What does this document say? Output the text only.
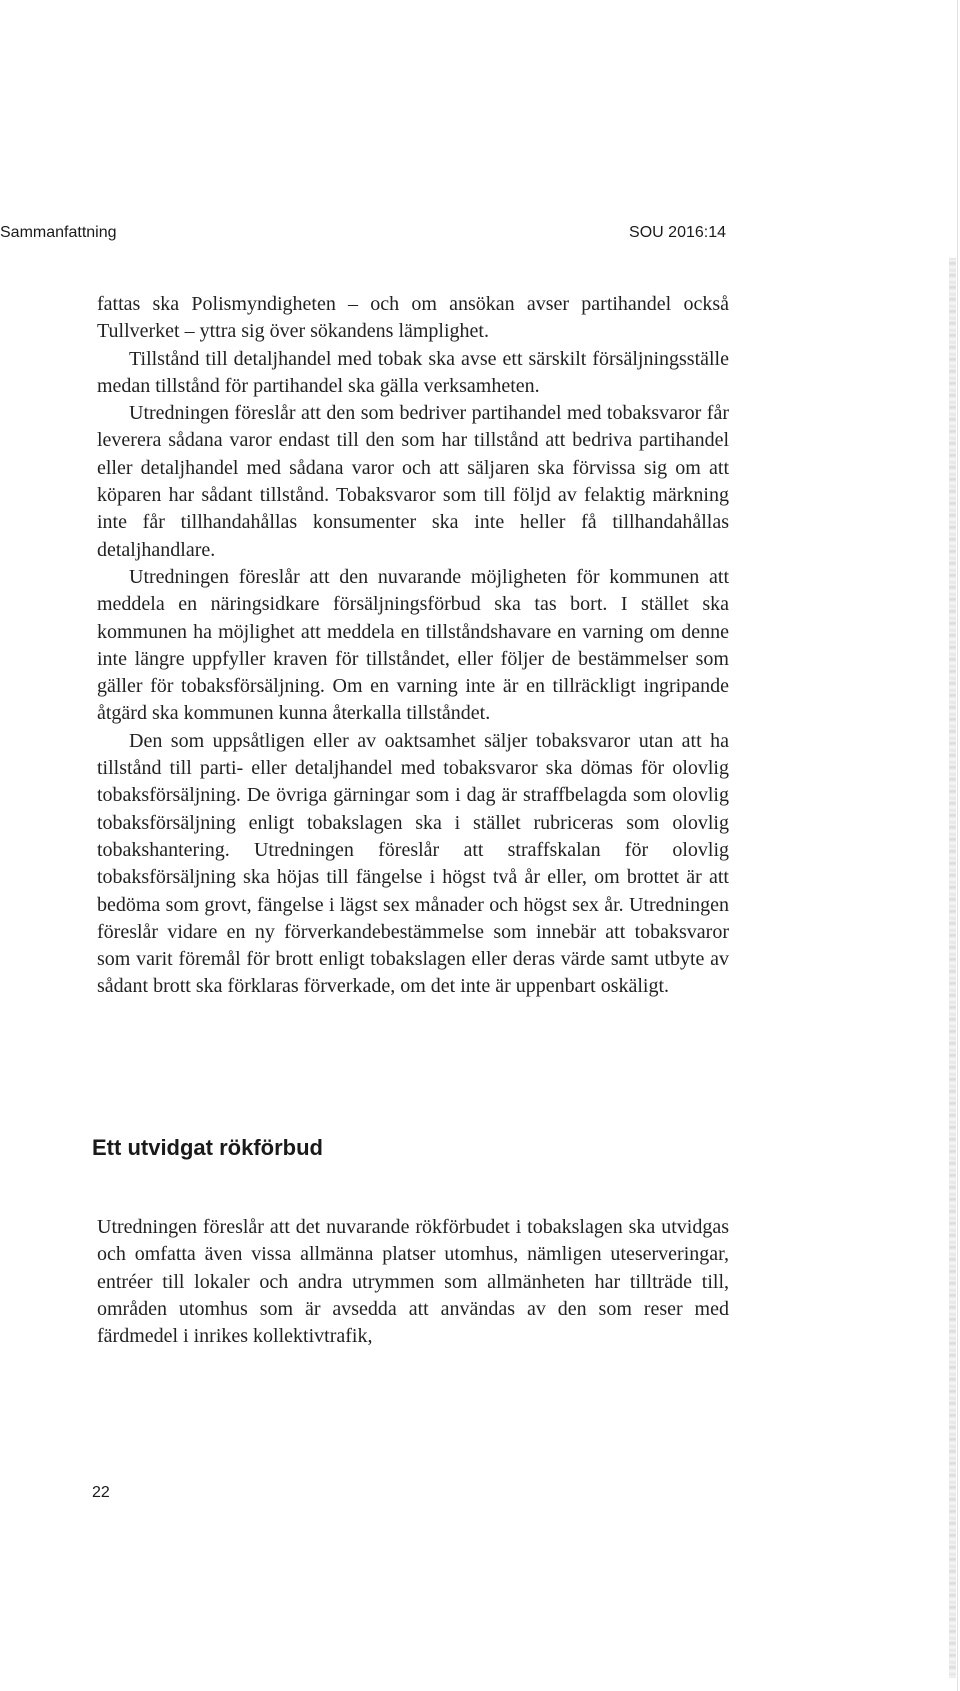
Sammanfattning	SOU 2016:14

fattas ska Polismyndigheten – och om ansökan avser partihandel också Tullverket – yttra sig över sökandens lämplighet.

Tillstånd till detaljhandel med tobak ska avse ett särskilt försäljningsställe medan tillstånd för partihandel ska gälla verksamheten.

Utredningen föreslår att den som bedriver partihandel med tobaksvaror får leverera sådana varor endast till den som har tillstånd att bedriva partihandel eller detaljhandel med sådana varor och att säljaren ska förvissa sig om att köparen har sådant tillstånd. Tobaksvaror som till följd av felaktig märkning inte får tillhandahållas konsumenter ska inte heller få tillhandahållas detaljhandlare.

Utredningen föreslår att den nuvarande möjligheten för kommunen att meddela en näringsidkare försäljningsförbud ska tas bort. I stället ska kommunen ha möjlighet att meddela en tillståndshavare en varning om denne inte längre uppfyller kraven för tillståndet, eller följer de bestämmelser som gäller för tobaksförsäljning. Om en varning inte är en tillräckligt ingripande åtgärd ska kommunen kunna återkalla tillståndet.

Den som uppsåtligen eller av oaktsamhet säljer tobaksvaror utan att ha tillstånd till parti- eller detaljhandel med tobaksvaror ska dömas för olovlig tobaksförsäljning. De övriga gärningar som i dag är straffbelagda som olovlig tobaksförsäljning enligt tobakslagen ska i stället rubriceras som olovlig tobakshantering. Utredningen föreslår att straffskalan för olovlig tobaksförsäljning ska höjas till fängelse i högst två år eller, om brottet är att bedöma som grovt, fängelse i lägst sex månader och högst sex år. Utredningen föreslår vidare en ny förverkandebestämmelse som innebär att tobaksvaror som varit föremål för brott enligt tobakslagen eller deras värde samt utbyte av sådant brott ska förklaras förverkade, om det inte är uppenbart oskäligt.

Ett utvidgat rökförbud

Utredningen föreslår att det nuvarande rökförbudet i tobakslagen ska utvidgas och omfatta även vissa allmänna platser utomhus, nämligen uteserveringar, entréer till lokaler och andra utrymmen som allmänheten har tillträde till, områden utomhus som är avsedda att användas av den som reser med färdmedel i inrikes kollektivtrafik,

22
